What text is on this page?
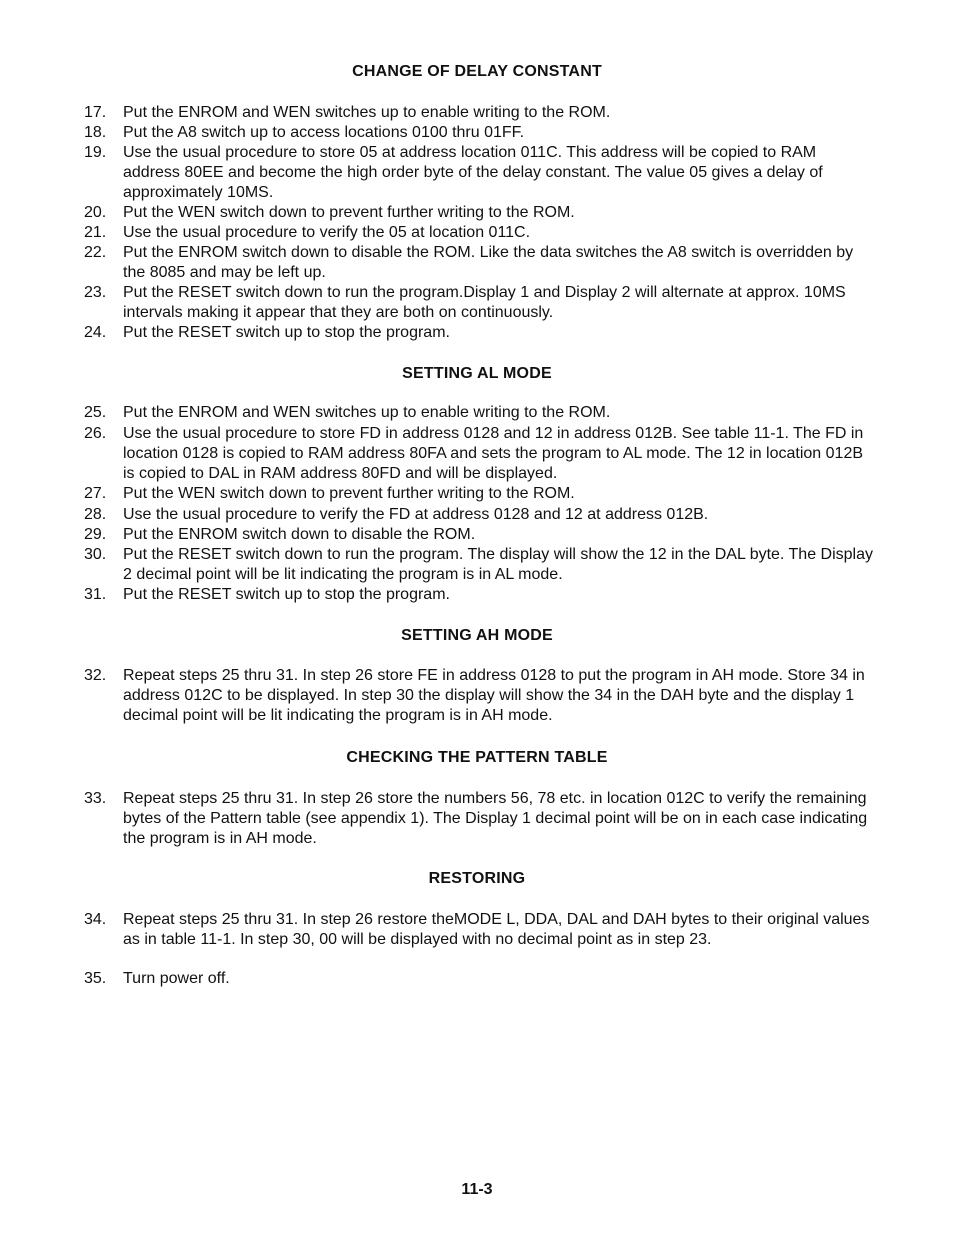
CHANGE OF DELAY CONSTANT
17.	Put the ENROM and WEN switches up to enable writing to the ROM.
18.	Put the A8 switch up to access locations 0100 thru 01FF.
19.	Use the usual procedure to store 05 at address location 011C. This address will be copied to RAM address 80EE and become the high order byte of the delay constant. The value 05 gives a delay of approximately 10MS.
20.	Put the WEN switch down to prevent further writing to the ROM.
21.	Use the usual procedure to verify the 05 at location 011C.
22.	Put the ENROM switch down to disable the ROM. Like the data switches the A8 switch is overridden by the 8085 and may be left up.
23.	Put the RESET switch down to run the program.Display 1 and Display 2 will alternate at approx. 10MS intervals making it appear that they are both on continuously.
24.	Put the RESET switch up to stop the program.
SETTING AL MODE
25.	Put the ENROM and WEN switches up to enable writing to the ROM.
26.	Use the usual procedure to store FD in address 0128 and 12 in address 012B. See table 11-1. The FD in location 0128 is copied to RAM address 80FA and sets the program to AL mode. The 12 in location 012B is copied to DAL in RAM address 80FD and will be displayed.
27.	Put the WEN switch down to prevent further writing to the ROM.
28.	Use the usual procedure to verify the FD at address 0128 and 12 at address 012B.
29.	Put the ENROM switch down to disable the ROM.
30.	Put the RESET switch down to run the program. The display will show the 12 in the DAL byte. The Display 2 decimal point will be lit indicating the program is in AL mode.
31.	Put the RESET switch up to stop the program.
SETTING AH MODE
32.	Repeat steps 25 thru 31. In step 26 store FE in address 0128 to put the program in AH mode. Store 34 in address 012C to be displayed. In step 30 the display will show the 34 in the DAH byte and the display 1 decimal point will be lit indicating the program is in AH mode.
CHECKING THE PATTERN TABLE
33.	Repeat steps 25 thru 31. In step 26 store the numbers 56, 78 etc. in location 012C to verify the remaining bytes of the Pattern table (see appendix 1). The Display 1 decimal point will be on in each case indicating the program is in AH mode.
RESTORING
34.	Repeat steps 25 thru 31. In step 26 restore theMODE L, DDA, DAL and DAH bytes to their original values as in table 11-1. In step 30, 00 will be displayed with no decimal point as in step 23.
35.	Turn power off.
11-3
